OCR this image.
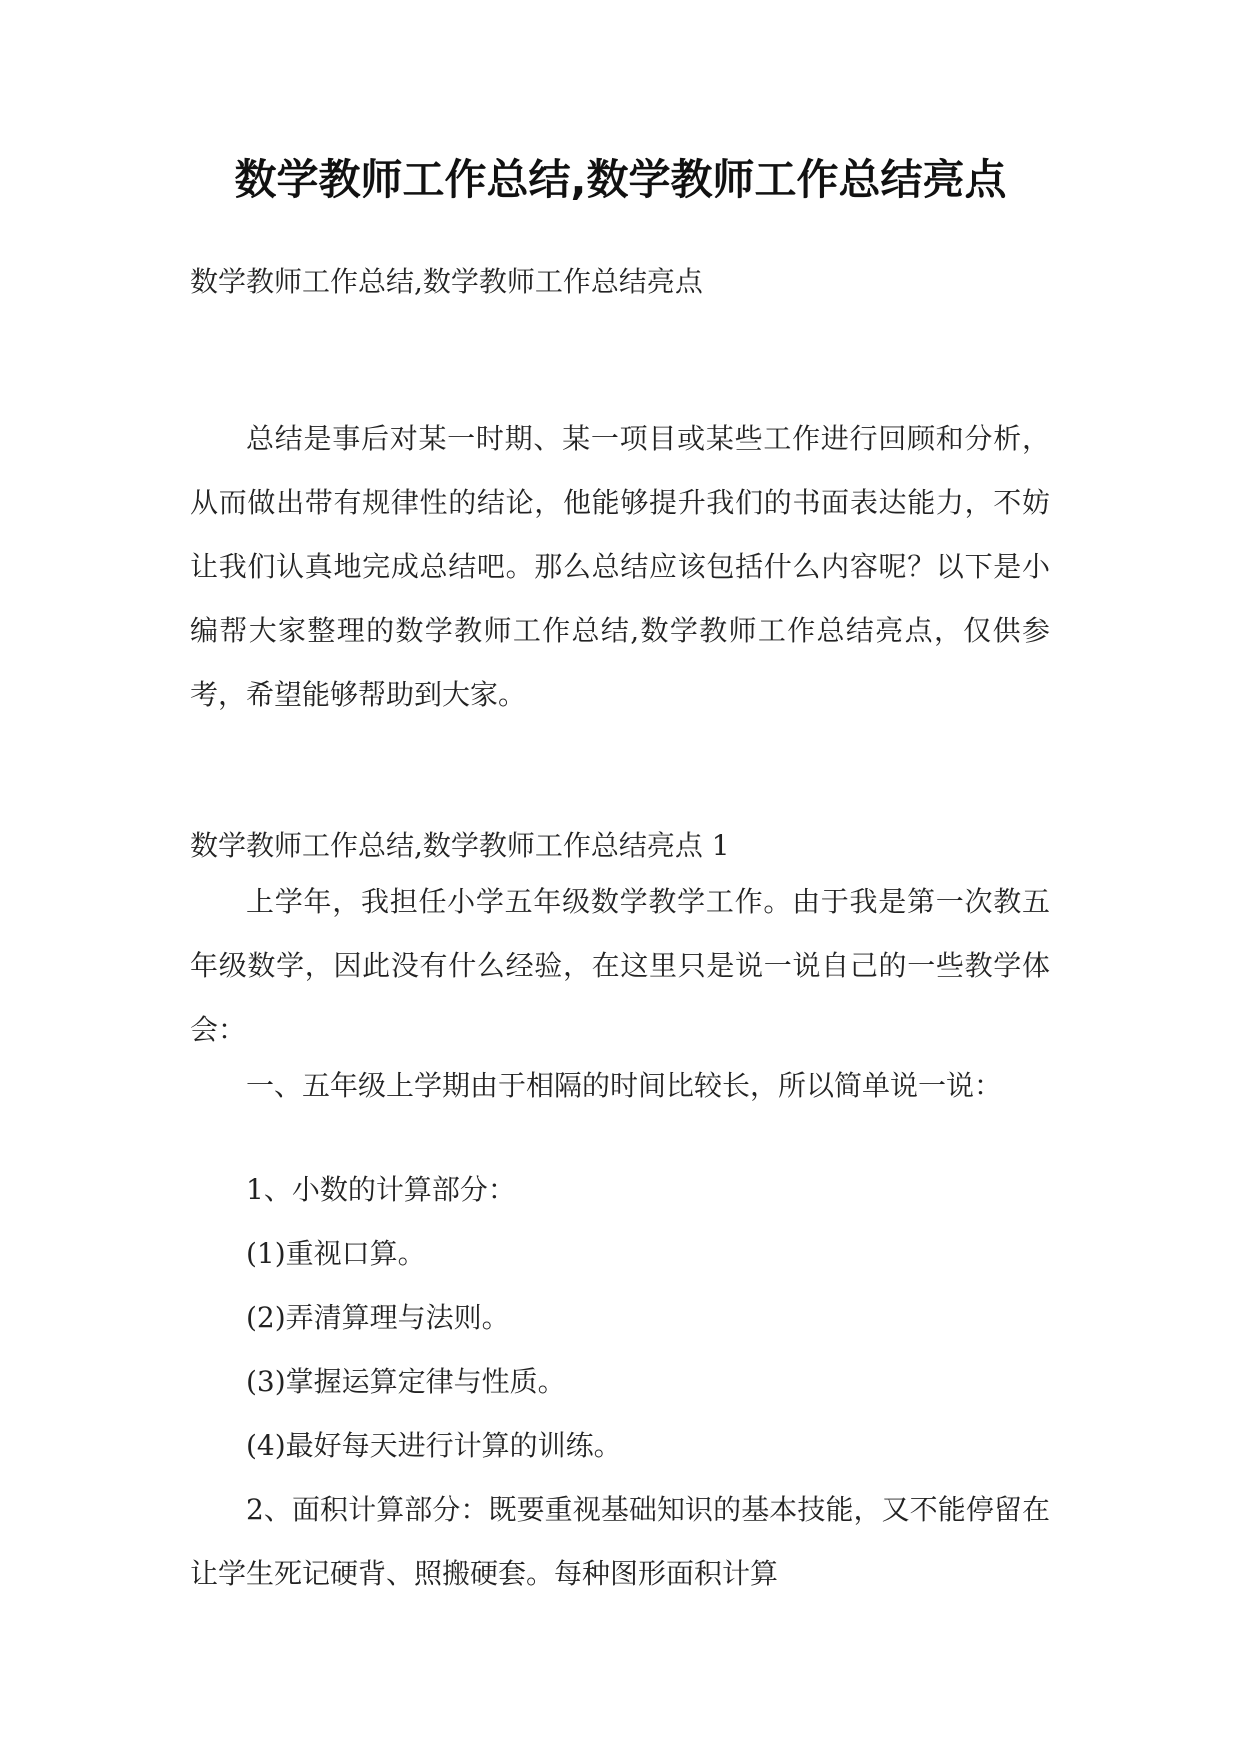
数学教师工作总结,数学教师工作总结亮点

数学教师工作总结,数学教师工作总结亮点

总结是事后对某一时期、某一项目或某些工作进行回顾和分析，从而做出带有规律性的结论，他能够提升我们的书面表达能力，不妨让我们认真地完成总结吧。那么总结应该包括什么内容呢？以下是小编帮大家整理的数学教师工作总结,数学教师工作总结亮点，仅供参考，希望能够帮助到大家。

数学教师工作总结,数学教师工作总结亮点 1

上学年，我担任小学五年级数学教学工作。由于我是第一次教五年级数学，因此没有什么经验，在这里只是说一说自己的一些教学体会：

一、五年级上学期由于相隔的时间比较长，所以简单说一说：

1、小数的计算部分：

(1)重视口算。

(2)弄清算理与法则。

(3)掌握运算定律与性质。

(4)最好每天进行计算的训练。

2、面积计算部分：既要重视基础知识的基本技能，又不能停留在让学生死记硬背、照搬硬套。每种图形面积计算
